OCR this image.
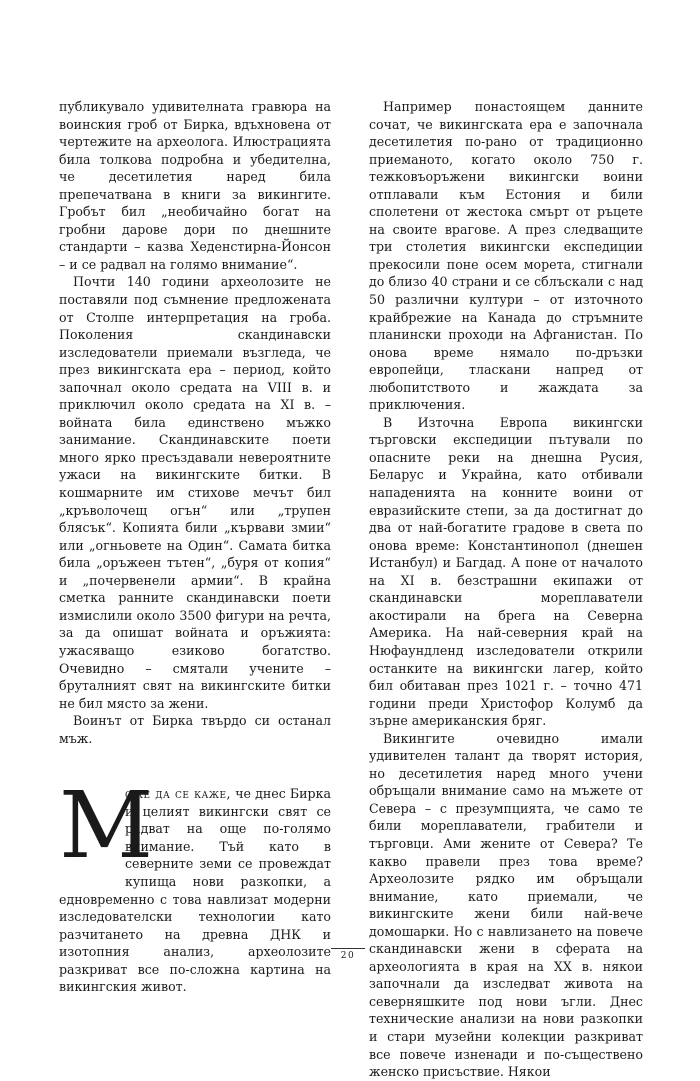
публикувало удивителната гравюра на воинския гроб от Бирка, вдъхновена от чертежите на археолога. Илюстрацията била толкова подробна и убедителна, че десетилетия наред била препечатвана в книги за викингите. Гробът бил „необичайно богат на гробни дарове дори по днешните стандарти – казва Хеденстирна-Йонсон – и се радвал на голямо внимание“.

Почти 140 години археолозите не поставяли под съмнение предложената от Столпе интерпретация на гроба. Поколения скандинавски изследователи приемали възгледа, че през викингската ера – период, който започнал около средата на VIII в. и приключил около средата на XI в. – войната била единствено мъжко занимание. Скандинавските поети много ярко пресъздавали невероятните ужаси на викингските битки. В кошмарните им стихове мечът бил „кръволочещ огън“ или „трупен блясък“. Копията били „кървави змии“ или „огньовете на Один“. Самата битка била „оръжеен тътен“, „буря от копия“ и „почервенели армии“. В крайна сметка ранните скандинавски поети измислили около 3500 фигури на речта, за да опишат войната и оръжията: ужасяващо езиково богатство. Очевидно – смятали учените – бруталният свят на викингските битки не бил място за жени.

Воинът от Бирка твърдо си останал мъж.

М

оже да се каже, че днес Бирка и целият викингски свят се радват на още по-голямо внимание. Тъй като в северните земи се провеждат купища нови разкопки, а едновременно с това навлизат модерни изследователски технологии като разчитането на древна ДНК и изотопния анализ, археолозите разкриват все по-сложна картина на викингския живот.

Например понастоящем данните сочат, че викингската ера е започнала десетилетия по-рано от традиционно приеманото, когато около 750 г. тежковъоръжени викингски воини отплавали към Естония и били сполетени от жестока смърт от ръцете на своите врагове. А през следващите три столетия викингски експедиции прекосили поне осем морета, стигнали до близо 40 страни и се сблъскали с над 50 различни култури – от източното крайбрежие на Канада до стръмните планински проходи на Афганистан. По онова време нямало по-дръзки европейци, тласкани напред от любопитството и жаждата за приключения.

В Източна Европа викингски търговски експедиции пътували по опасните реки на днешна Русия, Беларус и Украйна, като отбивали нападенията на конните воини от евразийските степи, за да достигнат до два от най-богатите градове в света по онова време: Константинопол (днешен Истанбул) и Багдад. А поне от началото на XI в. безстрашни екипажи от скандинавски мореплаватели акостирали на брега на Северна Америка. На най-северния край на Нюфаундленд изследователи открили останките на викингски лагер, който бил обитаван през 1021 г. – точно 471 години преди Христофор Колумб да зърне американския бряг.

Викингите очевидно имали удивителен талант да творят история, но десетилетия наред много учени обръщали внимание само на мъжете от Севера – с презумпцията, че само те били мореплаватели, грабители и търговци. Ами жените от Севера? Те какво правели през това време? Археолозите рядко им обръщали внимание, като приемали, че викингските жени били най-вече домошарки. Но с навлизането на повече скандинавски жени в сферата на археологията в края на XX в. някои започнали да изследват живота на северняшките под нови ъгли. Днес технические анализи на нови разкопки и стари музейни колекции разкриват все повече изненади и по-съществено женско присъствие. Някои

20
